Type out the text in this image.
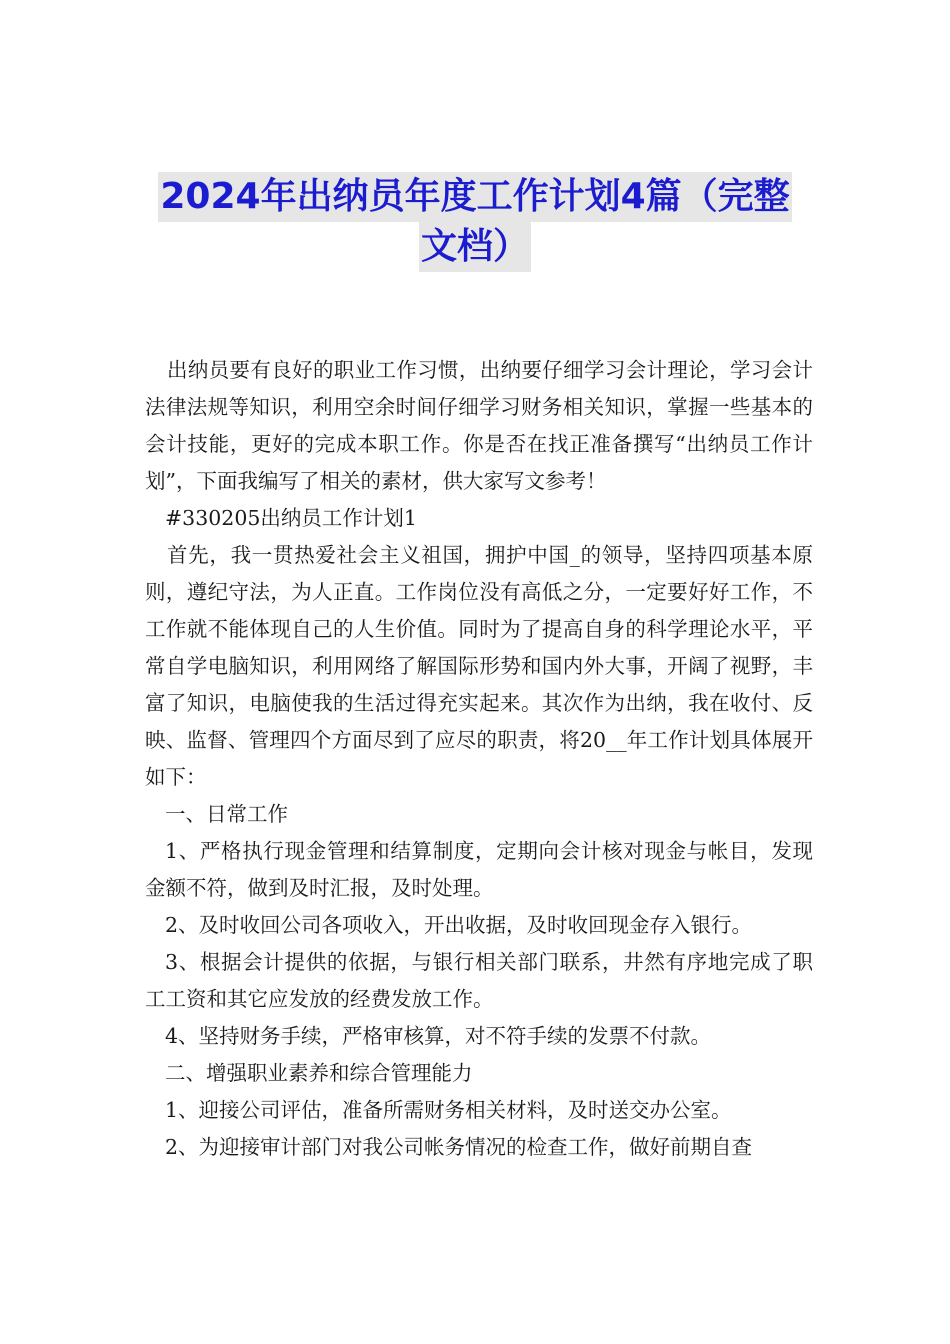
2024年出纳员年度工作计划4篇（完整
文档）

出纳员要有良好的职业工作习惯，出纳要仔细学习会计理论，学习会计法律法规等知识，利用空余时间仔细学习财务相关知识，掌握一些基本的会计技能，更好的完成本职工作。你是否在找正准备撰写“出纳员工作计划”，下面我编写了相关的素材，供大家写文参考！

#330205出纳员工作计划1

首先，我一贯热爱社会主义祖国，拥护中国_的领导，坚持四项基本原则，遵纪守法，为人正直。工作岗位没有高低之分，一定要好好工作，不工作就不能体现自己的人生价值。同时为了提高自身的科学理论水平，平常自学电脑知识，利用网络了解国际形势和国内外大事，开阔了视野，丰富了知识，电脑使我的生活过得充实起来。其次作为出纳，我在收付、反映、监督、管理四个方面尽到了应尽的职责，将20__年工作计划具体展开如下：

一、日常工作

1、严格执行现金管理和结算制度，定期向会计核对现金与帐目，发现金额不符，做到及时汇报，及时处理。

2、及时收回公司各项收入，开出收据，及时收回现金存入银行。

3、根据会计提供的依据，与银行相关部门联系，井然有序地完成了职工工资和其它应发放的经费发放工作。

4、坚持财务手续，严格审核算，对不符手续的发票不付款。

二、增强职业素养和综合管理能力

1、迎接公司评估，准备所需财务相关材料，及时送交办公室。

2、为迎接审计部门对我公司帐务情况的检查工作，做好前期自查
